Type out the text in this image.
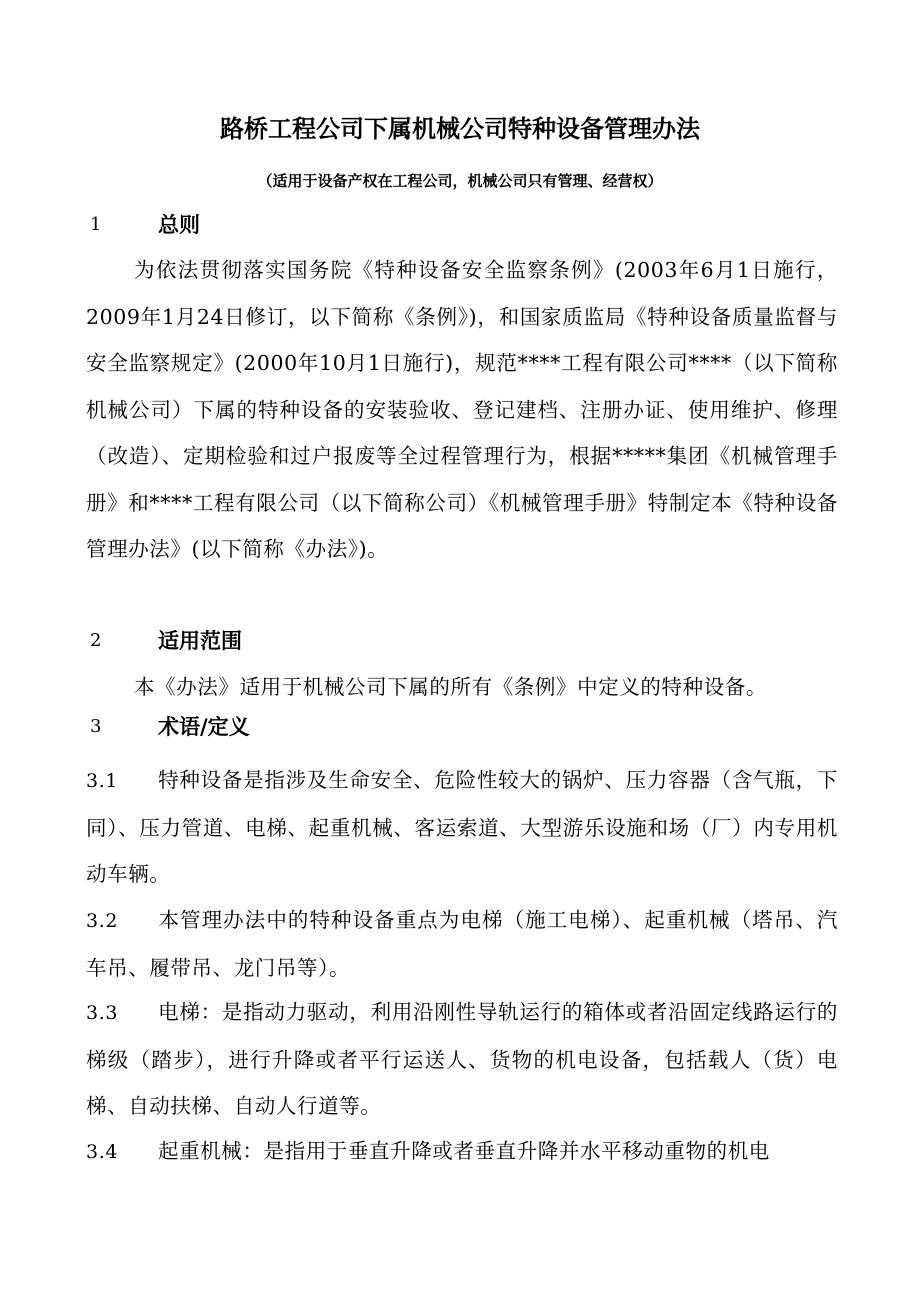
路桥工程公司下属机械公司特种设备管理办法

（适用于设备产权在工程公司，机械公司只有管理、经营权）

1	总则

为依法贯彻落实国务院《特种设备安全监察条例》(2003年6月1日施行，2009年1月24日修订，以下简称《条例》)，和国家质监局《特种设备质量监督与安全监察规定》(2000年10月1日施行)，规范****工程有限公司****（以下简称机械公司）下属的特种设备的安装验收、登记建档、注册办证、使用维护、修理（改造）、定期检验和过户报废等全过程管理行为，根据*****集团《机械管理手册》和****工程有限公司（以下简称公司）《机械管理手册》特制定本《特种设备管理办法》(以下简称《办法》)。

2	适用范围

本《办法》适用于机械公司下属的所有《条例》中定义的特种设备。

3	术语/定义

3.1 特种设备是指涉及生命安全、危险性较大的锅炉、压力容器（含气瓶，下同）、压力管道、电梯、起重机械、客运索道、大型游乐设施和场（厂）内专用机动车辆。

3.2 本管理办法中的特种设备重点为电梯（施工电梯）、起重机械（塔吊、汽车吊、履带吊、龙门吊等）。

3.3 电梯：是指动力驱动，利用沿刚性导轨运行的箱体或者沿固定线路运行的梯级（踏步），进行升降或者平行运送人、货物的机电设备，包括载人（货）电梯、自动扶梯、自动人行道等。

3.4 起重机械：是指用于垂直升降或者垂直升降并水平移动重物的机电
